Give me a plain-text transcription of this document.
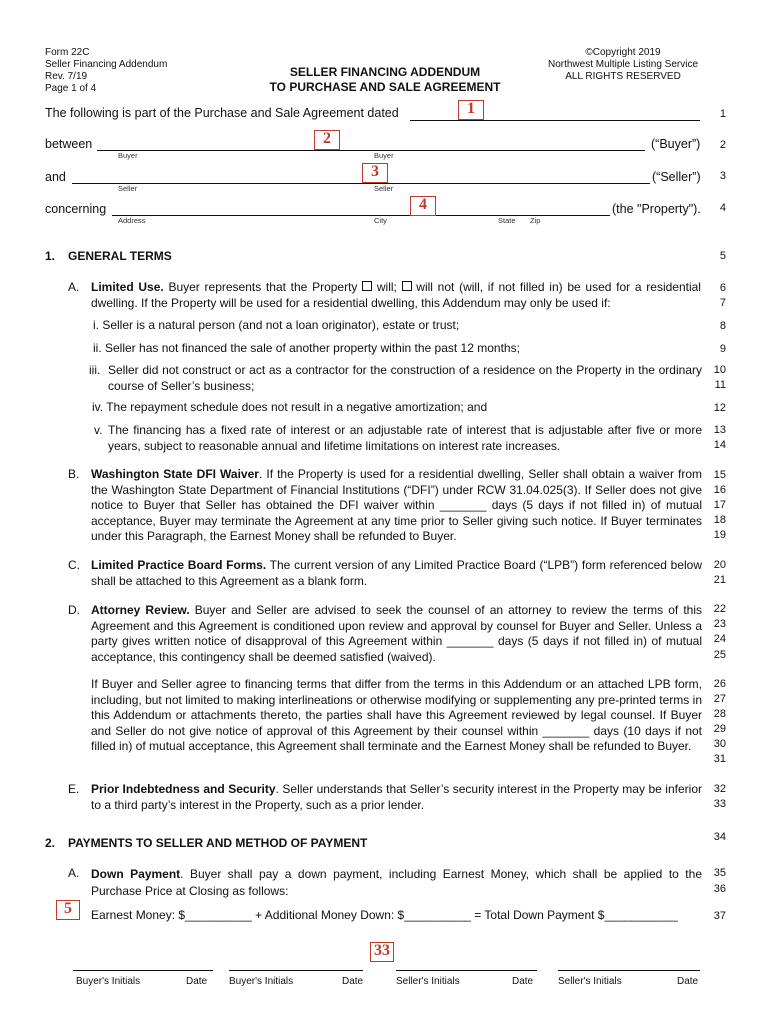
Form 22C
Seller Financing Addendum
Rev. 7/19
Page 1 of 4
SELLER FINANCING ADDENDUM
TO PURCHASE AND SALE AGREEMENT
©Copyright 2019
Northwest Multiple Listing Service
ALL RIGHTS RESERVED
The following is part of the Purchase and Sale Agreement dated	1
between	(“Buyer”)
Buyer	Buyer
2
and	(“Seller”)
Seller	Seller
3
concerning	(the "Property").
Address	City	State Zip
4
1. GENERAL TERMS
A. Limited Use. Buyer represents that the Property  will;  will not (will, if not filled in) be used for a residential dwelling. If the Property will be used for a residential dwelling, this Addendum may only be used if:
i. Seller is a natural person (and not a loan originator), estate or trust;
ii. Seller has not financed the sale of another property within the past 12 months;
iii. Seller did not construct or act as a contractor for the construction of a residence on the Property in the ordinary course of Seller’s business;
iv. The repayment schedule does not result in a negative amortization; and
v. The financing has a fixed rate of interest or an adjustable rate of interest that is adjustable after five or more years, subject to reasonable annual and lifetime limitations on interest rate increases.
B. Washington State DFI Waiver. If the Property is used for a residential dwelling, Seller shall obtain a waiver from the Washington State Department of Financial Institutions (“DFI”) under RCW 31.04.025(3). If Seller does not give notice to Buyer that Seller has obtained the DFI waiver within _______ days (5 days if not filled in) of mutual acceptance, Buyer may terminate the Agreement at any time prior to Seller giving such notice. If Buyer terminates under this Paragraph, the Earnest Money shall be refunded to Buyer.
C. Limited Practice Board Forms. The current version of any Limited Practice Board (“LPB”) form referenced below shall be attached to this Agreement as a blank form.
D. Attorney Review. Buyer and Seller are advised to seek the counsel of an attorney to review the terms of this Agreement and this Agreement is conditioned upon review and approval by counsel for Buyer and Seller. Unless a party gives written notice of disapproval of this Agreement within _______ days (5 days if not filled in) of mutual acceptance, this contingency shall be deemed satisfied (waived).
If Buyer and Seller agree to financing terms that differ from the terms in this Addendum or an attached LPB form, including, but not limited to making interlineations or otherwise modifying or supplementing any pre-printed terms in this Addendum or attachments thereto, the parties shall have this Agreement reviewed by legal counsel. If Buyer and Seller do not give notice of approval of this Agreement by their counsel within _______ days (10 days if not filled in) of mutual acceptance, this Agreement shall terminate and the Earnest Money shall be refunded to Buyer.
E. Prior Indebtedness and Security. Seller understands that Seller’s security interest in the Property may be inferior to a third party’s interest in the Property, such as a prior lender.
2. PAYMENTS TO SELLER AND METHOD OF PAYMENT
A. Down Payment. Buyer shall pay a down payment, including Earnest Money, which shall be applied to the Purchase Price at Closing as follows:
5	Earnest Money: $__________ + Additional Money Down: $__________ = Total Down Payment $___________
33
1
2
3
4
5
6
7
8
9
10
11
12
13
14
15
16
17
18
19
20
21
22
23
24
25
26
27
28
29
30
31
32
33
34
35
36
37
Buyer's Initials	Date Buyer's Initials	Date	Seller's Initials	Date Seller's Initials	Date
